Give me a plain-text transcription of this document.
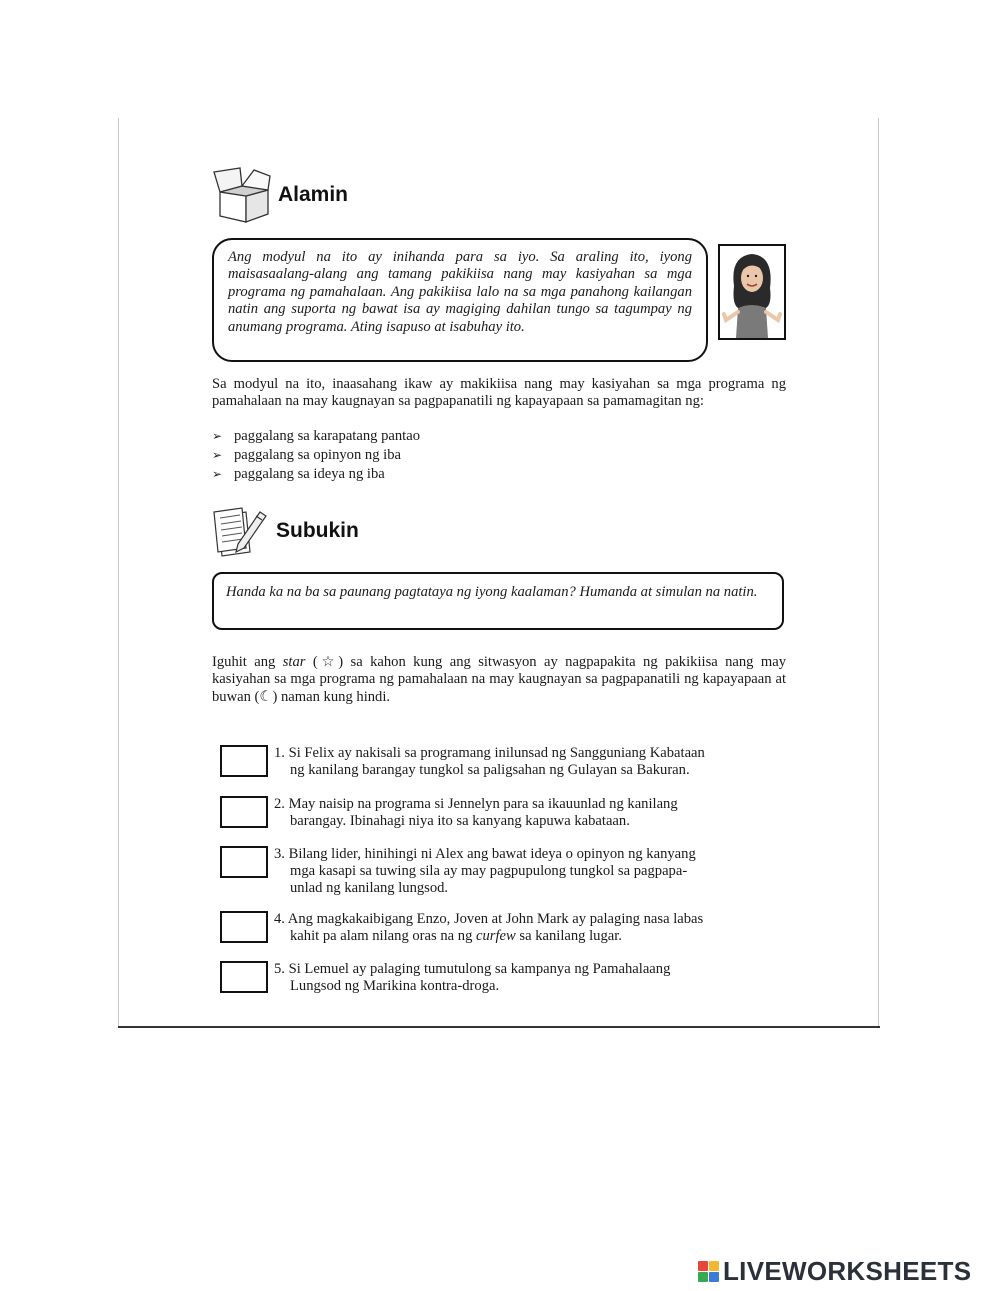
Alamin

Ang modyul na ito ay inihanda para sa iyo. Sa araling ito, iyong maisasaalang-alang ang tamang pakikiisa nang may kasiyahan sa mga programa ng pamahalaan. Ang pakikiisa lalo na sa mga panahong kailangan natin ang suporta ng bawat isa ay magiging dahilan tungo sa tagumpay ng anumang programa. Ating isapuso at isabuhay ito.

Sa modyul na ito, inaasahang ikaw ay makikiisa nang may kasiyahan sa mga programa ng pamahalaan na may kaugnayan sa pagpapanatili ng kapayapaan sa pamamagitan ng:

➢ paggalang sa karapatang pantao
➢ paggalang sa opinyon ng iba
➢ paggalang sa ideya ng iba
Subukin

Handa ka na ba sa paunang pagtataya ng iyong kaalaman? Humanda at simulan na natin.

Iguhit ang star (☆) sa kahon kung ang sitwasyon ay nagpapakita ng pakikiisa nang may kasiyahan sa mga programa ng pamahalaan na may kaugnayan sa pagpapanatili ng kapayapaan at buwan (☾) naman kung hindi.

1. Si Felix ay nakisali sa programang inilunsad ng Sangguniang Kabataan
ng kanilang barangay tungkol sa paligsahan ng Gulayan sa Bakuran.
2. May naisip na programa si Jennelyn para sa ikauunlad ng kanilang
barangay. Ibinahagi niya ito sa kanyang kapuwa kabataan.
3. Bilang lider, hinihingi ni Alex ang bawat ideya o opinyon ng kanyang
mga kasapi sa tuwing sila ay may pagpupulong tungkol sa pagpapa-
unlad ng kanilang lungsod.
4. Ang magkakaibigang Enzo, Joven at John Mark ay palaging nasa labas
kahit pa alam nilang oras na ng curfew sa kanilang lugar.
5. Si Lemuel ay palaging tumutulong sa kampanya ng Pamahalaang
Lungsod ng Marikina kontra-droga.
LIVEWORKSHEETS
